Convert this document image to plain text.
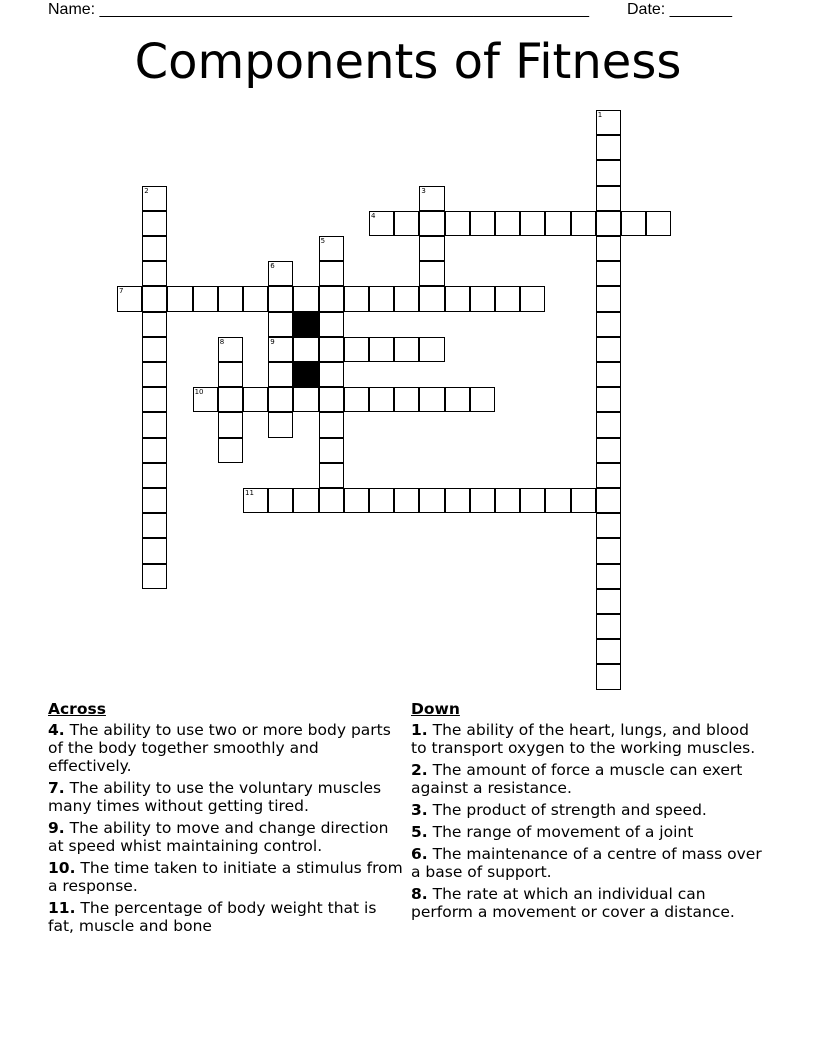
Name: _______________________________________________________ Date: _______
Components of Fitness
1
2	3
4
5
6
9
7
8
10
11
Across
4. The ability to use two or more body parts of the body together smoothly and effectively.
7. The ability to use the voluntary muscles many times without getting tired.
9. The ability to move and change direction at speed whist maintaining control.
10. The time taken to initiate a stimulus from a response.
11. The percentage of body weight that is fat, muscle and bone
Down
1. The ability of the heart, lungs, and blood to transport oxygen to the working muscles.
2. The amount of force a muscle can exert against a resistance.
3. The product of strength and speed.
5. The range of movement of a joint
6. The maintenance of a centre of mass over a base of support.
8. The rate at which an individual can perform a movement or cover a distance.
